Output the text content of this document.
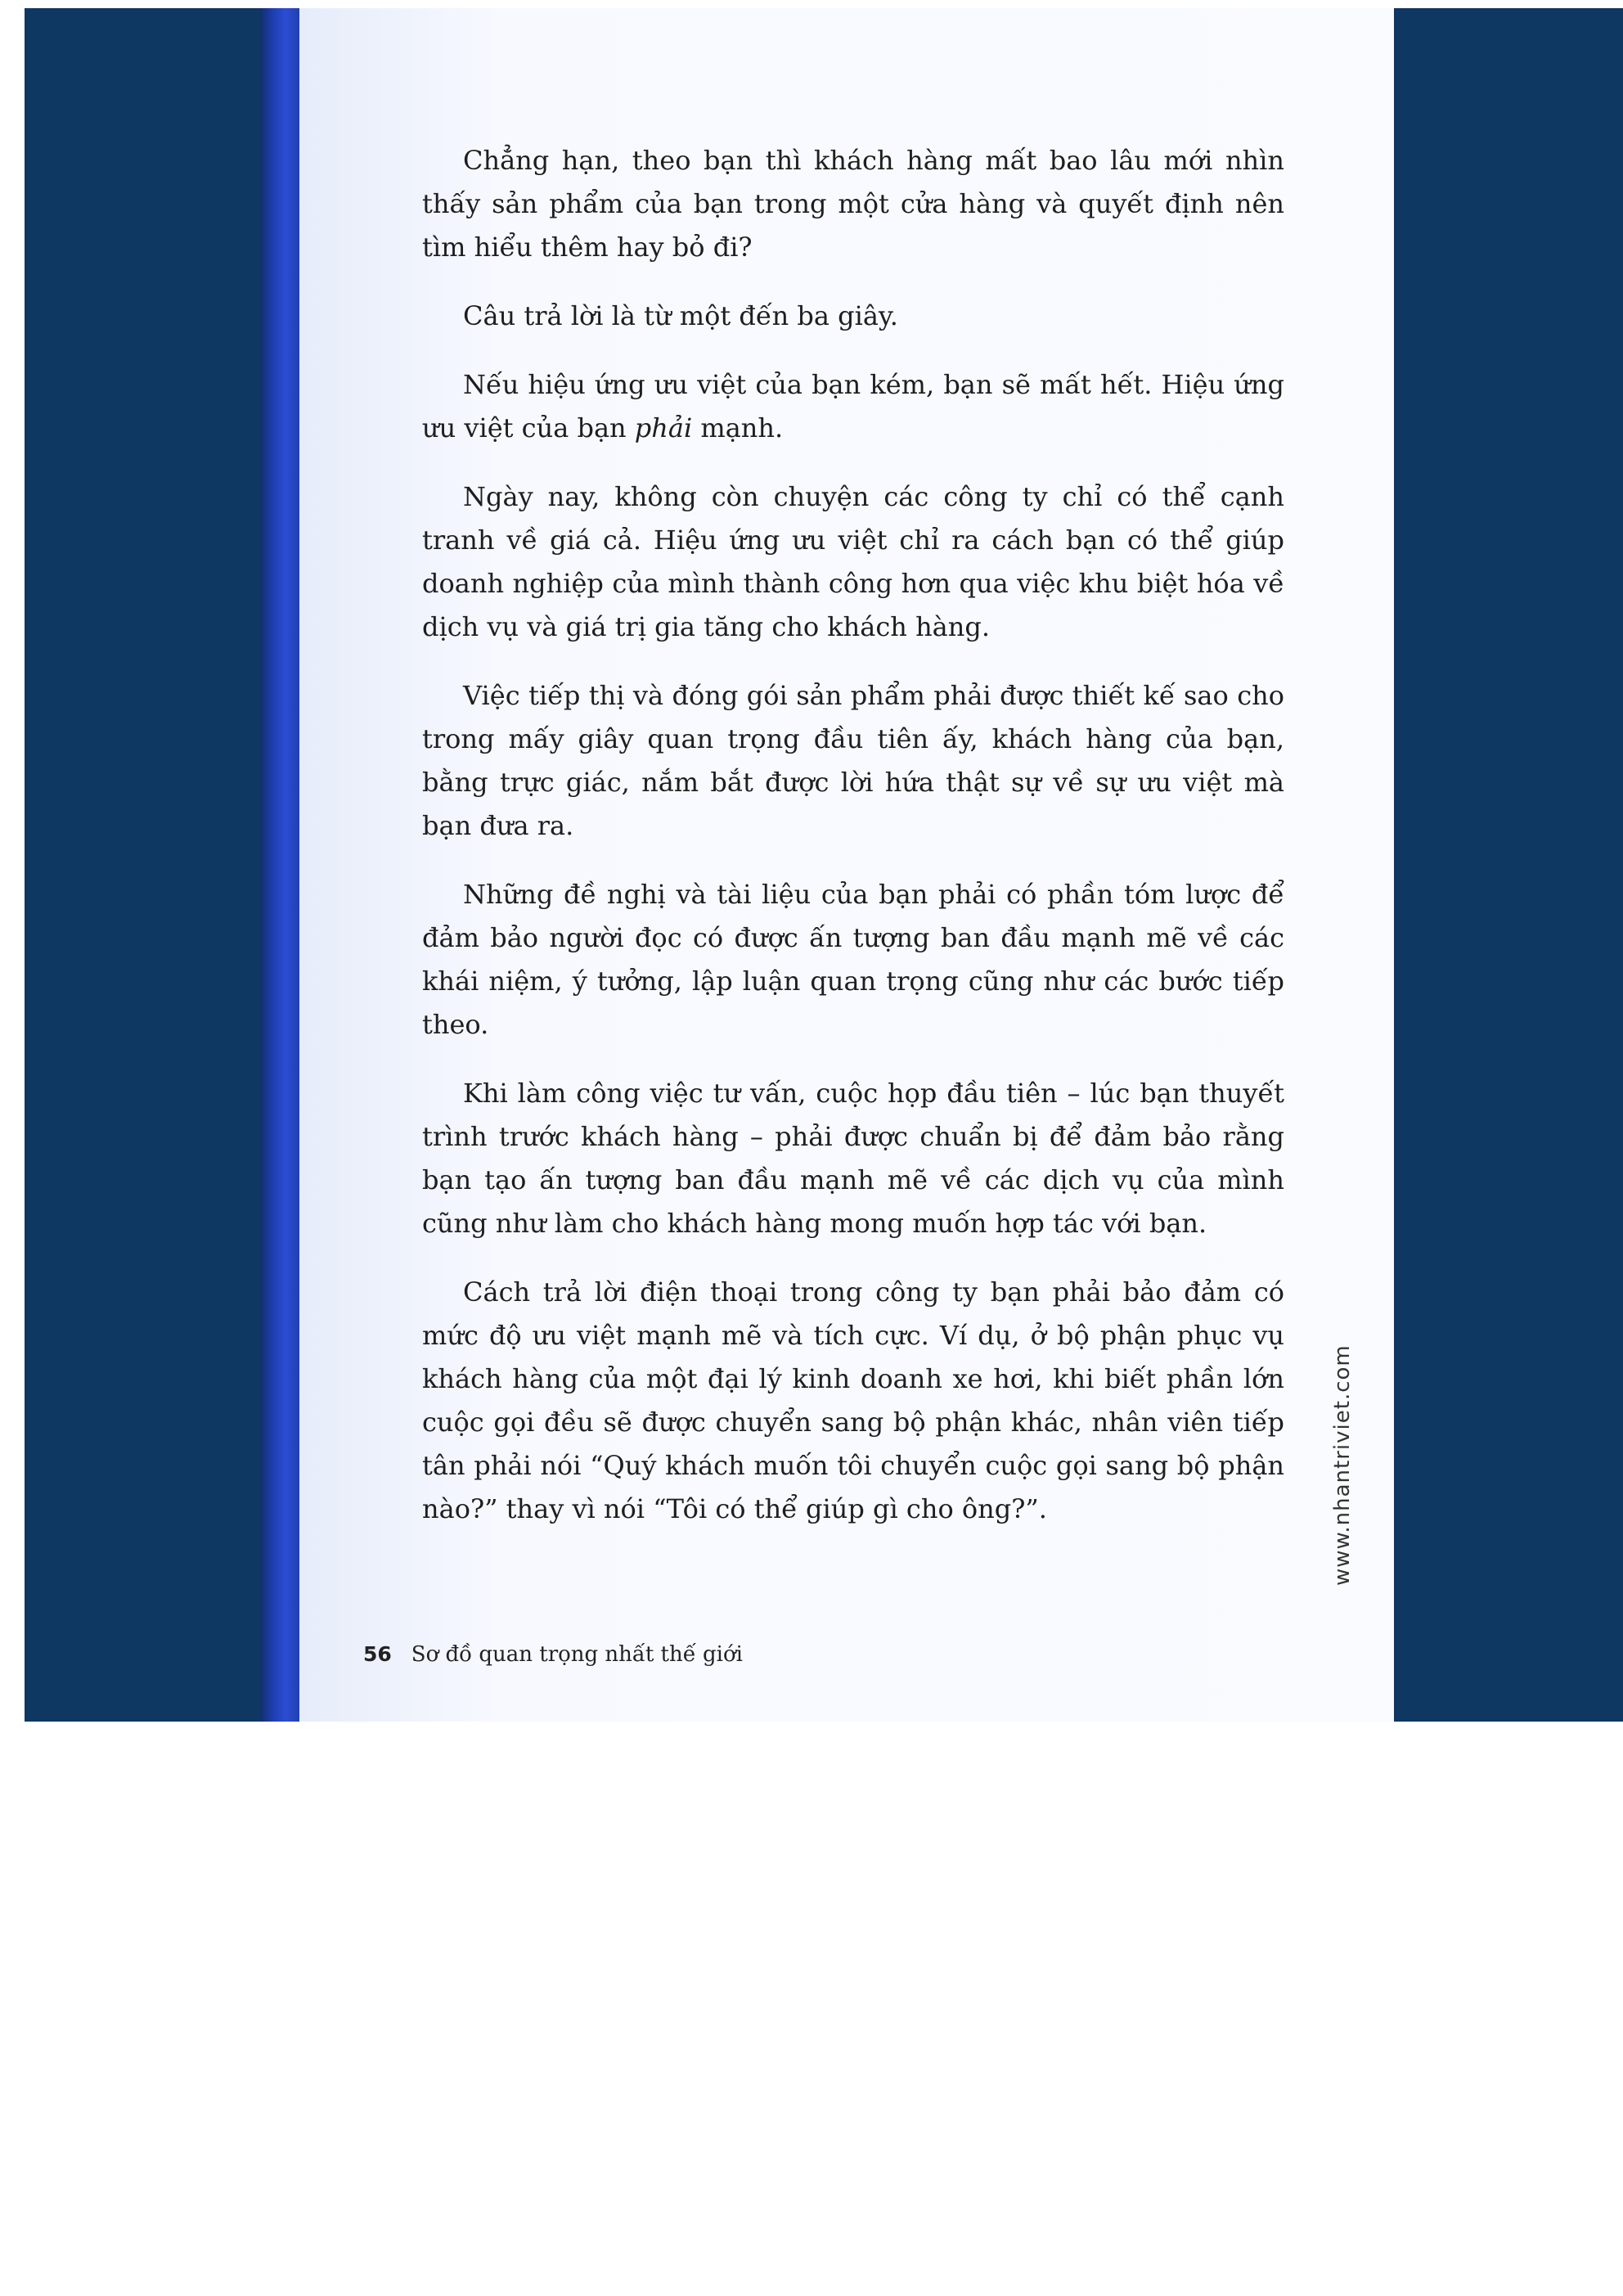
Chẳng hạn, theo bạn thì khách hàng mất bao lâu mới nhìn thấy sản phẩm của bạn trong một cửa hàng và quyết định nên tìm hiểu thêm hay bỏ đi?

Câu trả lời là từ một đến ba giây.

Nếu hiệu ứng ưu việt của bạn kém, bạn sẽ mất hết. Hiệu ứng ưu việt của bạn phải mạnh.

Ngày nay, không còn chuyện các công ty chỉ có thể cạnh tranh về giá cả. Hiệu ứng ưu việt chỉ ra cách bạn có thể giúp doanh nghiệp của mình thành công hơn qua việc khu biệt hóa về dịch vụ và giá trị gia tăng cho khách hàng.

Việc tiếp thị và đóng gói sản phẩm phải được thiết kế sao cho trong mấy giây quan trọng đầu tiên ấy, khách hàng của bạn, bằng trực giác, nắm bắt được lời hứa thật sự về sự ưu việt mà bạn đưa ra.

Những đề nghị và tài liệu của bạn phải có phần tóm lược để đảm bảo người đọc có được ấn tượng ban đầu mạnh mẽ về các khái niệm, ý tưởng, lập luận quan trọng cũng như các bước tiếp theo.

Khi làm công việc tư vấn, cuộc họp đầu tiên – lúc bạn thuyết trình trước khách hàng – phải được chuẩn bị để đảm bảo rằng bạn tạo ấn tượng ban đầu mạnh mẽ về các dịch vụ của mình cũng như làm cho khách hàng mong muốn hợp tác với bạn.

Cách trả lời điện thoại trong công ty bạn phải bảo đảm có mức độ ưu việt mạnh mẽ và tích cực. Ví dụ, ở bộ phận phục vụ khách hàng của một đại lý kinh doanh xe hơi, khi biết phần lớn cuộc gọi đều sẽ được chuyển sang bộ phận khác, nhân viên tiếp tân phải nói “Quý khách muốn tôi chuyển cuộc gọi sang bộ phận nào?” thay vì nói “Tôi có thể giúp gì cho ông?”.

56 Sơ đồ quan trọng nhất thế giới
www.nhantriviet.com
